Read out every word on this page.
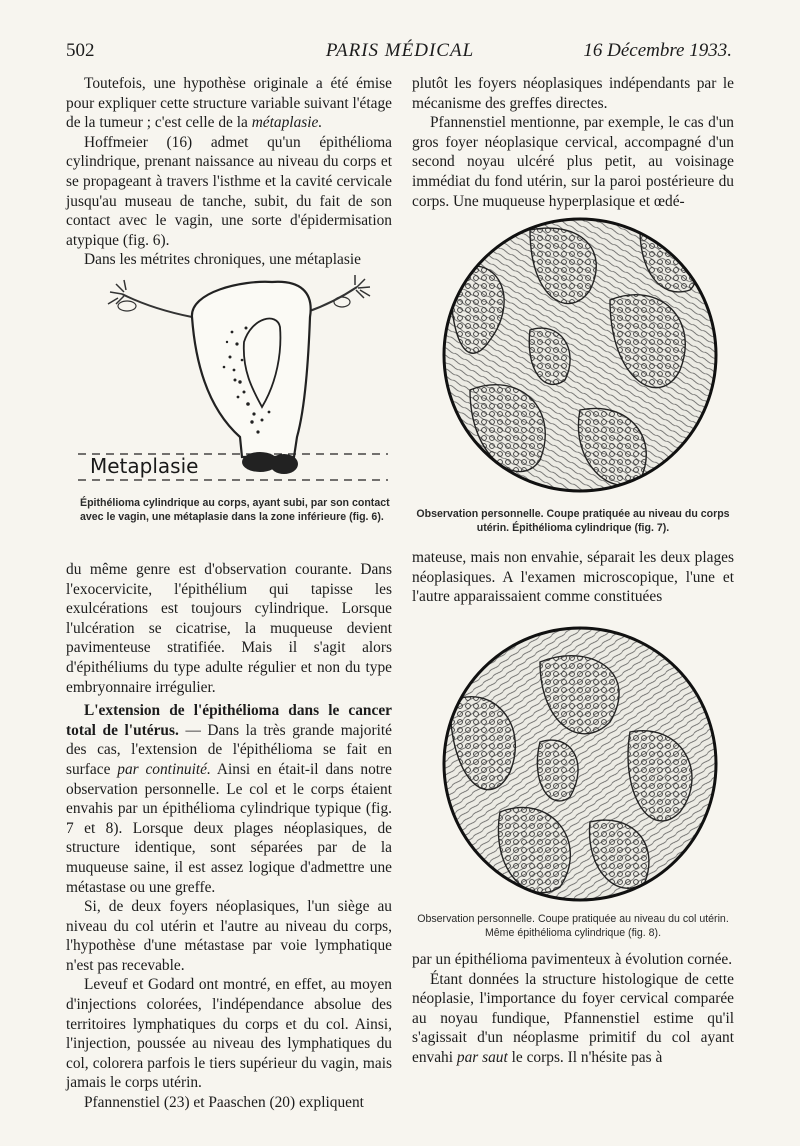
502	PARIS MÉDICAL	16 Décembre 1933.

Toutefois, une hypothèse originale a été émise pour expliquer cette structure variable suivant l'étage de la tumeur ; c'est celle de la métaplasie.

Hoffmeier (16) admet qu'un épithélioma cylindrique, prenant naissance au niveau du corps et se propageant à travers l'isthme et la cavité cervicale jusqu'au museau de tanche, subit, du fait de son contact avec le vagin, une sorte d'épidermisation atypique (fig. 6).

Dans les métrites chroniques, une métaplasie

Metaplasie
Épithélioma cylindrique au corps, ayant subi, par son contact avec le vagin, une métaplasie dans la zone inférieure (fig. 6).

du même genre est d'observation courante. Dans l'exocervicite, l'épithélium qui tapisse les exulcérations est toujours cylindrique. Lorsque l'ulcération se cicatrise, la muqueuse devient pavimenteuse stratifiée. Mais il s'agit alors d'épithéliums du type adulte régulier et non du type embryonnaire irrégulier.

L'extension de l'épithélioma dans le cancer total de l'utérus. — Dans la très grande majorité des cas, l'extension de l'épithélioma se fait en surface par continuité. Ainsi en était-il dans notre observation personnelle. Le col et le corps étaient envahis par un épithélioma cylindrique typique (fig. 7 et 8). Lorsque deux plages néoplasiques, de structure identique, sont séparées par de la muqueuse saine, il est assez logique d'admettre une métastase ou une greffe.

Si, de deux foyers néoplasiques, l'un siège au niveau du col utérin et l'autre au niveau du corps, l'hypothèse d'une métastase par voie lymphatique n'est pas recevable.

Leveuf et Godard ont montré, en effet, au moyen d'injections colorées, l'indépendance absolue des territoires lymphatiques du corps et du col. Ainsi, l'injection, poussée au niveau des lymphatiques du col, colorera parfois le tiers supérieur du vagin, mais jamais le corps utérin.

Pfannenstiel (23) et Paaschen (20) expliquent

plutôt les foyers néoplasiques indépendants par le mécanisme des greffes directes.

Pfannenstiel mentionne, par exemple, le cas d'un gros foyer néoplasique cervical, accompagné d'un second noyau ulcéré plus petit, au voisinage immédiat du fond utérin, sur la paroi postérieure du corps. Une muqueuse hyperplasique et œdé-

Observation personnelle. Coupe pratiquée au niveau du corps utérin. Épithélioma cylindrique (fig. 7).

mateuse, mais non envahie, séparait les deux plages néoplasiques. A l'examen microscopique, l'une et l'autre apparaissaient comme constituées

Observation personnelle. Coupe pratiquée au niveau du col utérin. Même épithélioma cylindrique (fig. 8).

par un épithélioma pavimenteux à évolution cornée.

Étant données la structure histologique de cette néoplasie, l'importance du foyer cervical comparée au noyau fundique, Pfannenstiel estime qu'il s'agissait d'un néoplasme primitif du col ayant envahi par saut le corps. Il n'hésite pas à
